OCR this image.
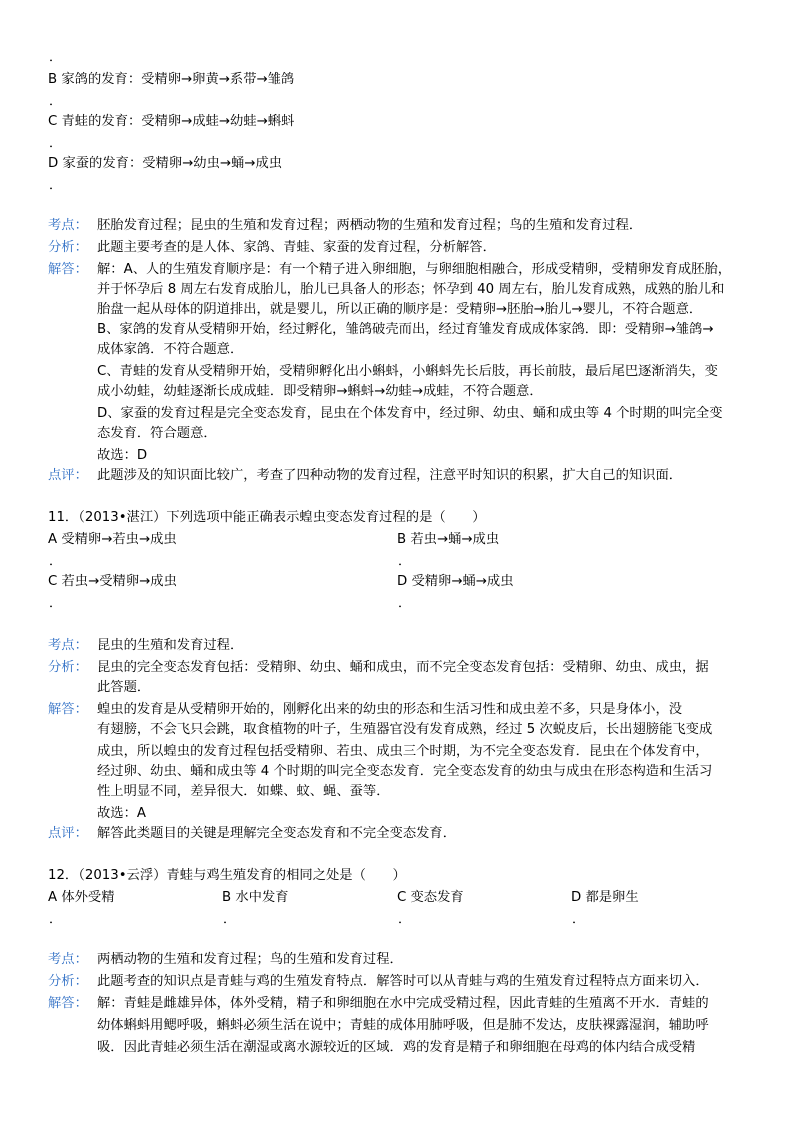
．
B 家鸽的发育：受精卵→卵黄→系带→雏鸽
．
C 青蛙的发育：受精卵→成蛙→幼蛙→蝌蚪
．
D 家蚕的发育：受精卵→幼虫→蛹→成虫
．
考点： 胚胎发育过程；昆虫的生殖和发育过程；两栖动物的生殖和发育过程；鸟的生殖和发育过程．
分析： 此题主要考查的是人体、家鸽、青蛙、家蚕的发育过程，分析解答．
解答： 解：A、人的生殖发育顺序是：有一个精子进入卵细胞，与卵细胞相融合，形成受精卵，受精卵发育成胚胎，
并于怀孕后 8 周左右发育成胎儿，胎儿已具备人的形态；怀孕到 40 周左右，胎儿发育成熟，成熟的胎儿和
胎盘一起从母体的阴道排出，就是婴儿，所以正确的顺序是：受精卵→胚胎→胎儿→婴儿，不符合题意．
B、家鸽的发育从受精卵开始，经过孵化，雏鸽破壳而出，经过育雏发育成成体家鸽．即：受精卵→雏鸽→
成体家鸽．不符合题意．
C、青蛙的发育从受精卵开始，受精卵孵化出小蝌蚪，小蝌蚪先长后肢，再长前肢，最后尾巴逐渐消失，变
成小幼蛙，幼蛙逐渐长成成蛙．即受精卵→蝌蚪→幼蛙→成蛙，不符合题意．
D、家蚕的发育过程是完全变态发育，昆虫在个体发育中，经过卵、幼虫、蛹和成虫等 4 个时期的叫完全变
态发育．符合题意．
故选：D
点评： 此题涉及的知识面比较广，考查了四种动物的发育过程，注意平时知识的积累，扩大自己的知识面．
11．（2013•湛江）下列选项中能正确表示蝗虫变态发育过程的是（　　）
A 受精卵→若虫→成虫	B 若虫→蛹→成虫
．	．
C 若虫→受精卵→成虫	D 受精卵→蛹→成虫
．	．
考点： 昆虫的生殖和发育过程．
分析： 昆虫的完全变态发育包括：受精卵、幼虫、蛹和成虫，而不完全变态发育包括：受精卵、幼虫、成虫，据
此答题．
解答： 蝗虫的发育是从受精卵开始的，刚孵化出来的幼虫的形态和生活习性和成虫差不多，只是身体小，没
有翅膀，不会飞只会跳，取食植物的叶子，生殖器官没有发育成熟，经过 5 次蜕皮后，长出翅膀能飞变成
成虫，所以蝗虫的发育过程包括受精卵、若虫、成虫三个时期，为不完全变态发育．昆虫在个体发育中，
经过卵、幼虫、蛹和成虫等 4 个时期的叫完全变态发育．完全变态发育的幼虫与成虫在形态构造和生活习
性上明显不同，差异很大．如蝶、蚊、蝇、蚕等．
故选：A
点评： 解答此类题目的关键是理解完全变态发育和不完全变态发育．
12．（2013•云浮）青蛙与鸡生殖发育的相同之处是（　　）
A 体外受精	B 水中发育	C 变态发育	D 都是卵生
．	．	．	．
考点： 两栖动物的生殖和发育过程；鸟的生殖和发育过程．
分析： 此题考查的知识点是青蛙与鸡的生殖发育特点．解答时可以从青蛙与鸡的生殖发育过程特点方面来切入．
解答： 解：青蛙是雌雄异体，体外受精，精子和卵细胞在水中完成受精过程，因此青蛙的生殖离不开水．青蛙的
幼体蝌蚪用鳃呼吸，蝌蚪必须生活在说中；青蛙的成体用肺呼吸，但是肺不发达，皮肤裸露湿润，辅助呼
吸．因此青蛙必须生活在潮湿或离水源较近的区域．鸡的发育是精子和卵细胞在母鸡的体内结合成受精
